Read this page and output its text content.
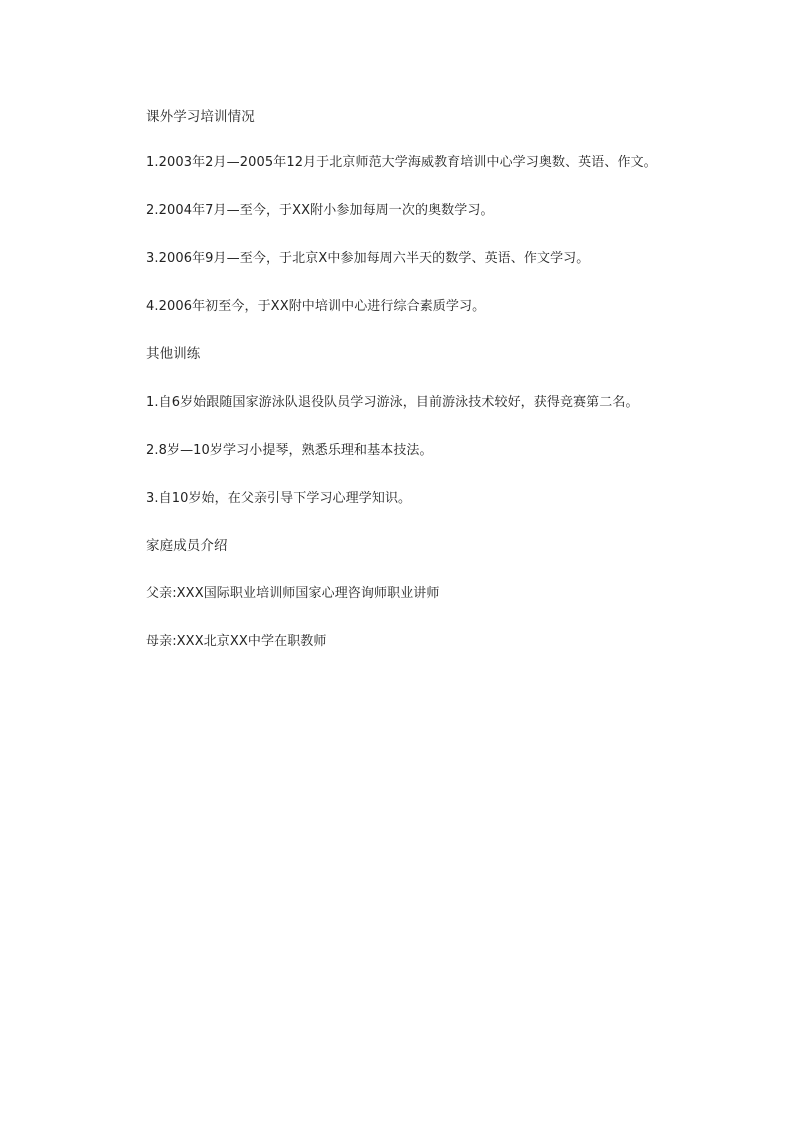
课外学习培训情况
1.2003年2月—2005年12月于北京师范大学海威教育培训中心学习奥数、英语、作文。
2.2004年7月—至今，于XX附小参加每周一次的奥数学习。
3.2006年9月—至今，于北京X中参加每周六半天的数学、英语、作文学习。
4.2006年初至今，于XX附中培训中心进行综合素质学习。
其他训练
1.自6岁始跟随国家游泳队退役队员学习游泳，目前游泳技术较好，获得竞赛第二名。
2.8岁—10岁学习小提琴，熟悉乐理和基本技法。
3.自10岁始，在父亲引导下学习心理学知识。
家庭成员介绍
父亲:XXX国际职业培训师国家心理咨询师职业讲师
母亲:XXX北京XX中学在职教师
